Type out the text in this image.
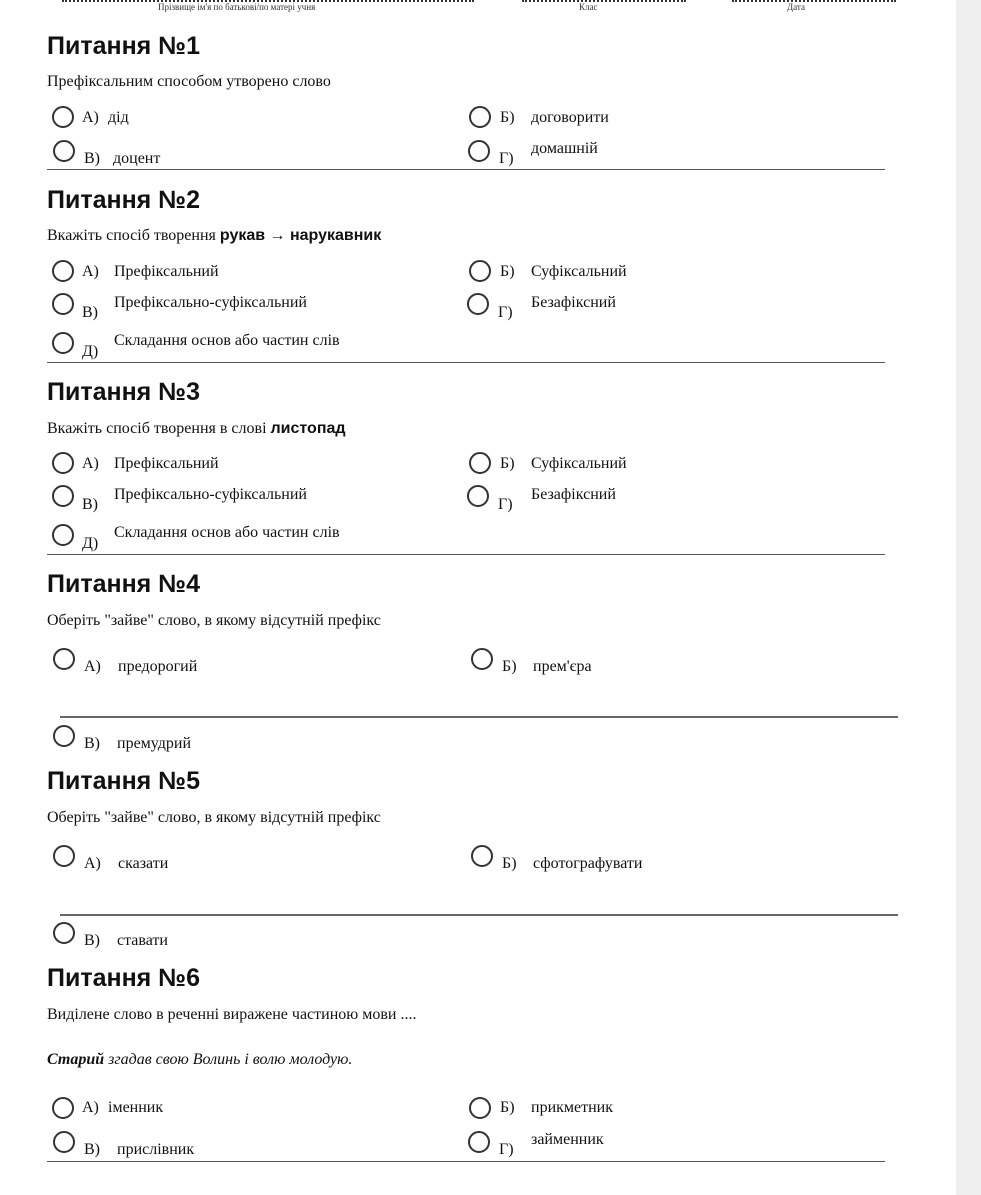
Прізвище ім'я по батькові/по матері учня	Клас	Дата
Питання №1
Префіксальним способом утворено слово
А) дід	Б) договорити
В) доцент	Г)
домашній
Питання №2
Вкажіть спосіб творення рукав → нарукавник
А) Префіксальний	Б) Суфіксальний
В)
Префіксально-суфіксальний
Г)
Безафіксний
Д)
Складання основ або частин слів
Питання №3
Вкажіть спосіб творення в слові листопад
А) Префіксальний	Б) Суфіксальний
В)
Префіксально-суфіксальний
Г)
Безафіксний
Д)
Складання основ або частин слів
Питання №4
Оберіть "зайве" слово, в якому відсутній префікс
А) предорогий	Б) прем'єра
В) премудрий
Питання №5
Оберіть "зайве" слово, в якому відсутній префікс
А) сказати	Б) сфотографувати
В) ставати
Питання №6
Виділене слово в реченні виражене частиною мови ....
Старий згадав свою Волинь і волю молодую.
А) іменник	Б) прикметник
В) прислівник	Г)
займенник
